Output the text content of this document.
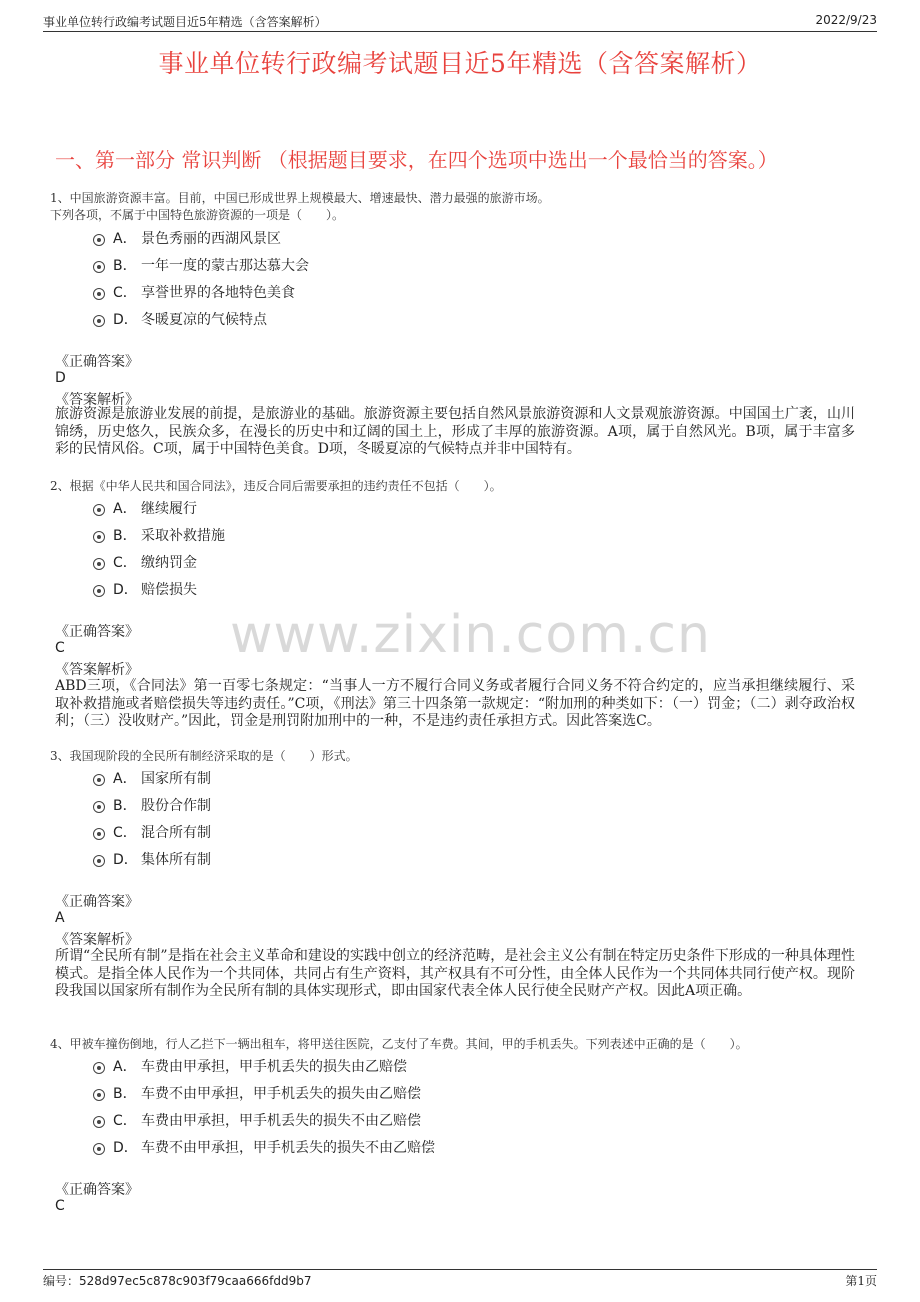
事业单位转行政编考试题目近5年精选（含答案解析）	2022/9/23
事业单位转行政编考试题目近5年精选（含答案解析）
一、第一部分 常识判断 （根据题目要求，在四个选项中选出一个最恰当的答案。）
www.zixin.com.cn
1、中国旅游资源丰富。目前，中国已形成世界上规模最大、增速最快、潜力最强的旅游市场。
下列各项，不属于中国特色旅游资源的一项是（　　）。
A． 景色秀丽的西湖风景区
B． 一年一度的蒙古那达慕大会
C． 享誉世界的各地特色美食
D． 冬暖夏凉的气候特点
《正确答案》
D
《答案解析》
旅游资源是旅游业发展的前提，是旅游业的基础。旅游资源主要包括自然风景旅游资源和人文景观旅游资源。中国国土广袤，山川锦绣，历史悠久，民族众多，在漫长的历史中和辽阔的国土上，形成了丰厚的旅游资源。A项，属于自然风光。B项，属于丰富多彩的民情风俗。C项，属于中国特色美食。D项，冬暖夏凉的气候特点并非中国特有。
2、根据《中华人民共和国合同法》，违反合同后需要承担的违约责任不包括（　　）。
A． 继续履行
B． 采取补救措施
C． 缴纳罚金
D． 赔偿损失
《正确答案》
C
《答案解析》
ABD三项，《合同法》第一百零七条规定：“当事人一方不履行合同义务或者履行合同义务不符合约定的，应当承担继续履行、采取补救措施或者赔偿损失等违约责任。”C项，《刑法》第三十四条第一款规定：“附加刑的种类如下：（一）罚金；（二）剥夺政治权利；（三）没收财产。”因此，罚金是刑罚附加刑中的一种，不是违约责任承担方式。因此答案选C。
3、我国现阶段的全民所有制经济采取的是（　　）形式。
A． 国家所有制
B． 股份合作制
C． 混合所有制
D． 集体所有制
《正确答案》
A
《答案解析》
所谓“全民所有制”是指在社会主义革命和建设的实践中创立的经济范畴，是社会主义公有制在特定历史条件下形成的一种具体理性模式。是指全体人民作为一个共同体，共同占有生产资料，其产权具有不可分性，由全体人民作为一个共同体共同行使产权。现阶段我国以国家所有制作为全民所有制的具体实现形式，即由国家代表全体人民行使全民财产产权。因此A项正确。
4、甲被车撞伤倒地，行人乙拦下一辆出租车，将甲送往医院，乙支付了车费。其间，甲的手机丢失。下列表述中正确的是（　　）。
A． 车费由甲承担，甲手机丢失的损失由乙赔偿
B． 车费不由甲承担，甲手机丢失的损失由乙赔偿
C． 车费由甲承担，甲手机丢失的损失不由乙赔偿
D． 车费不由甲承担，甲手机丢失的损失不由乙赔偿
《正确答案》
C
编号：528d97ec5c878c903f79caa666fdd9b7	第1页
